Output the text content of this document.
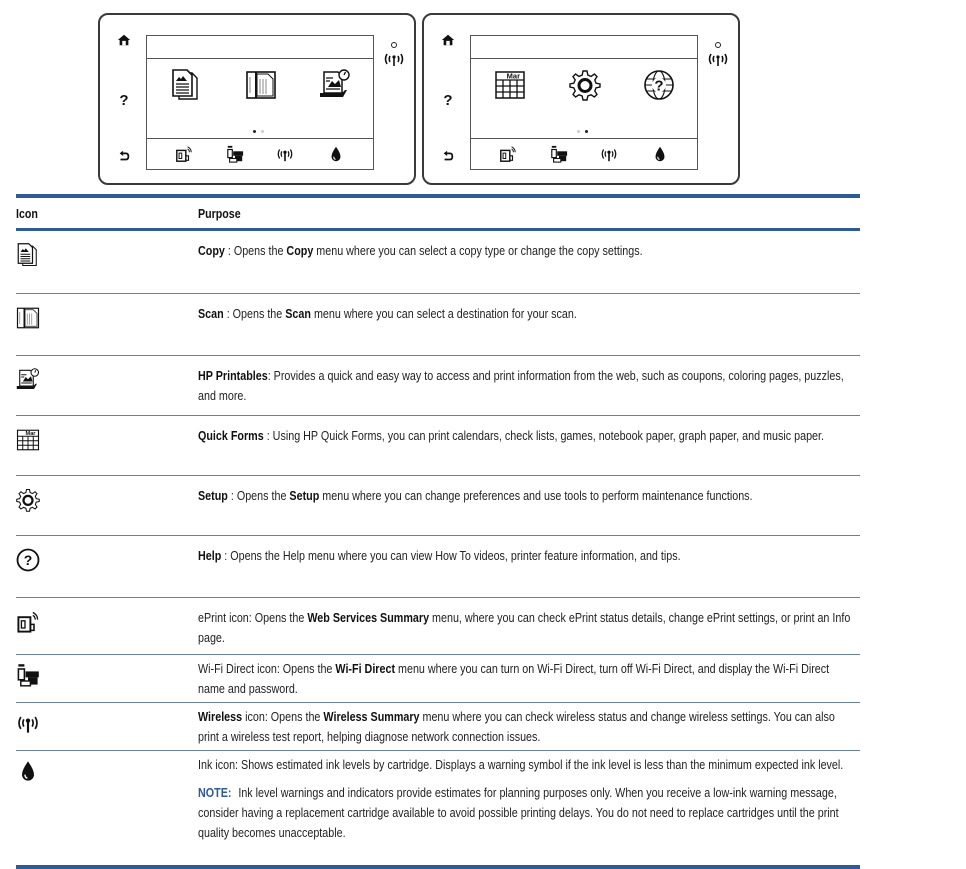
?	?
Icon	Purpose
Copy : Opens the Copy menu where you can select a copy type or change the copy settings.
Scan : Opens the Scan menu where you can select a destination for your scan.
HP Printables: Provides a quick and easy way to access and print information from the web, such as coupons, coloring pages, puzzles, and more.
Quick Forms : Using HP Quick Forms, you can print calendars, check lists, games, notebook paper, graph paper, and music paper.
Setup : Opens the Setup menu where you can change preferences and use tools to perform maintenance functions.
Help : Opens the Help menu where you can view How To videos, printer feature information, and tips.
ePrint icon: Opens the Web Services Summary menu, where you can check ePrint status details, change ePrint settings, or print an Info page.
Wi-Fi Direct icon: Opens the Wi-Fi Direct menu where you can turn on Wi-Fi Direct, turn off Wi-Fi Direct, and display the Wi-Fi Direct name and password.
Wireless icon: Opens the Wireless Summary menu where you can check wireless status and change wireless settings. You can also print a wireless test report, helping diagnose network connection issues.
Ink icon: Shows estimated ink levels by cartridge. Displays a warning symbol if the ink level is less than the minimum expected ink level.
NOTE: Ink level warnings and indicators provide estimates for planning purposes only. When you receive a low-ink warning message, consider having a replacement cartridge available to avoid possible printing delays. You do not need to replace cartridges until the print quality becomes unacceptable.
